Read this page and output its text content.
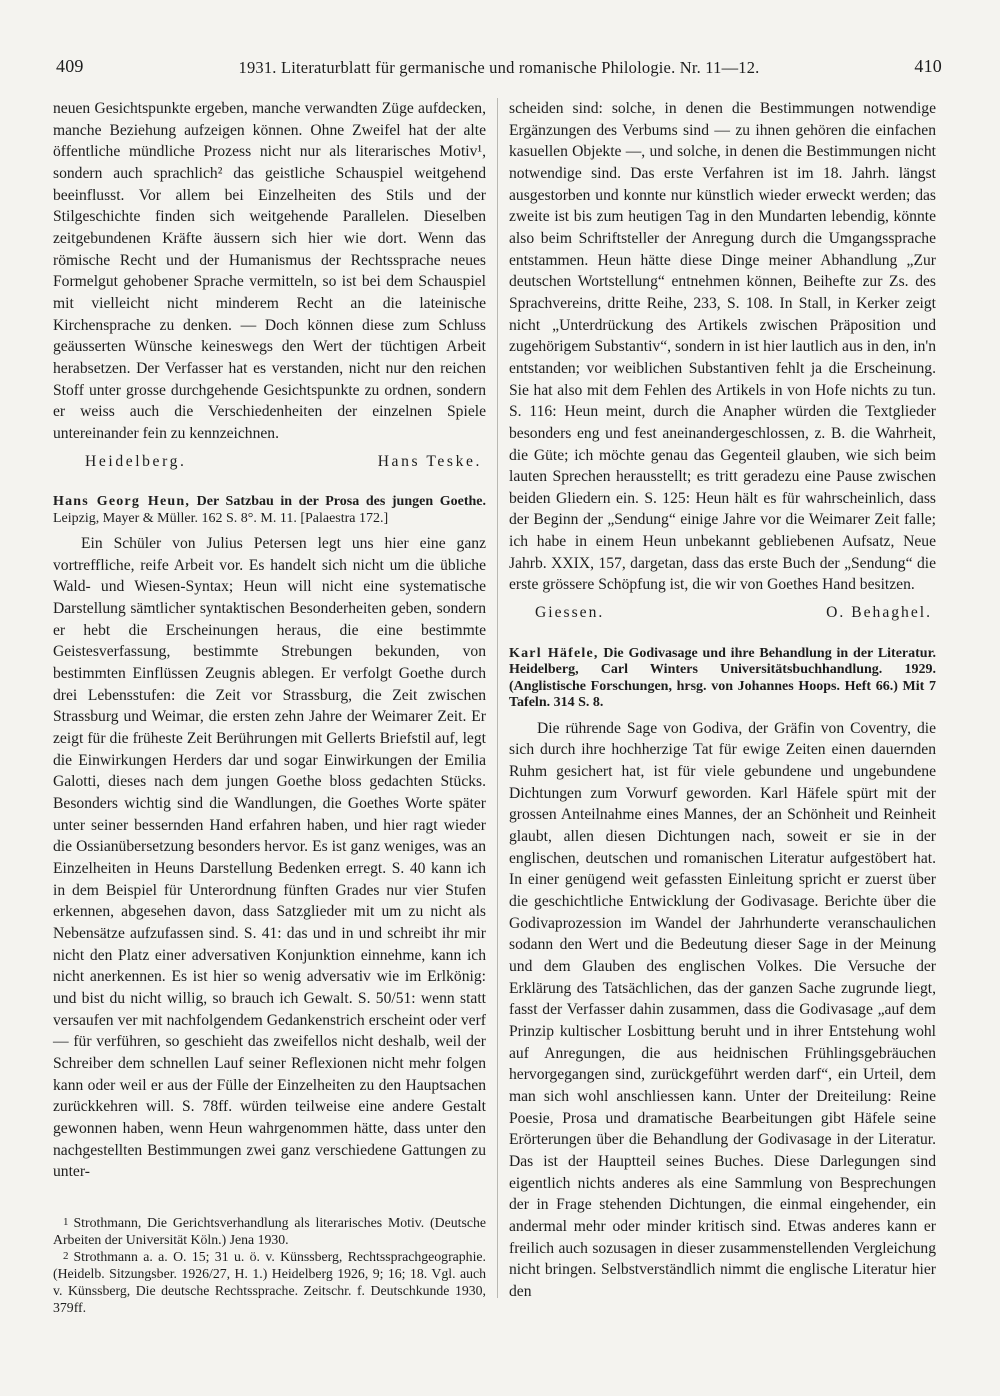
409	1931. Literaturblatt für germanische und romanische Philologie. Nr. 11—12.	410

neuen Gesichtspunkte ergeben, manche verwandten Züge aufdecken, manche Beziehung aufzeigen können. Ohne Zweifel hat der alte öffentliche mündliche Prozess nicht nur als literarisches Motiv¹, sondern auch sprachlich² das geistliche Schauspiel weitgehend beeinflusst. Vor allem bei Einzelheiten des Stils und der Stilgeschichte finden sich weitgehende Parallelen. Dieselben zeitgebundenen Kräfte äussern sich hier wie dort. Wenn das römische Recht und der Humanismus der Rechtssprache neues Formelgut gehobener Sprache vermitteln, so ist bei dem Schauspiel mit vielleicht nicht minderem Recht an die lateinische Kirchensprache zu denken. — Doch können diese zum Schluss geäusserten Wünsche keineswegs den Wert der tüchtigen Arbeit herabsetzen. Der Verfasser hat es verstanden, nicht nur den reichen Stoff unter grosse durchgehende Gesichtspunkte zu ordnen, sondern er weiss auch die Verschiedenheiten der einzelnen Spiele untereinander fein zu kennzeichnen.

Heidelberg.	Hans Teske.
Hans Georg Heun, Der Satzbau in der Prosa des jungen Goethe. Leipzig, Mayer & Müller. 162 S. 8°. M. 11. [Palaestra 172.]

Ein Schüler von Julius Petersen legt uns hier eine ganz vortreffliche, reife Arbeit vor. Es handelt sich nicht um die übliche Wald- und Wiesen-Syntax; Heun will nicht eine systematische Darstellung sämtlicher syntaktischen Besonderheiten geben, sondern er hebt die Erscheinungen heraus, die eine bestimmte Geistesverfassung, bestimmte Strebungen bekunden, von bestimmten Einflüssen Zeugnis ablegen. Er verfolgt Goethe durch drei Lebensstufen: die Zeit vor Strassburg, die Zeit zwischen Strassburg und Weimar, die ersten zehn Jahre der Weimarer Zeit. Er zeigt für die früheste Zeit Berührungen mit Gellerts Briefstil auf, legt die Einwirkungen Herders dar und sogar Einwirkungen der Emilia Galotti, dieses nach dem jungen Goethe bloss gedachten Stücks. Besonders wichtig sind die Wandlungen, die Goethes Worte später unter seiner bessernden Hand erfahren haben, und hier ragt wieder die Ossianübersetzung besonders hervor. Es ist ganz weniges, was an Einzelheiten in Heuns Darstellung Bedenken erregt. S. 40 kann ich in dem Beispiel für Unterordnung fünften Grades nur vier Stufen erkennen, abgesehen davon, dass Satzglieder mit um zu nicht als Nebensätze aufzufassen sind. S. 41: das und in und schreibt ihr mir nicht den Platz einer adversativen Konjunktion einnehme, kann ich nicht anerkennen. Es ist hier so wenig adversativ wie im Erlkönig: und bist du nicht willig, so brauch ich Gewalt. S. 50/51: wenn statt versaufen ver mit nachfolgendem Gedankenstrich erscheint oder verf— für verführen, so geschieht das zweifellos nicht deshalb, weil der Schreiber dem schnellen Lauf seiner Reflexionen nicht mehr folgen kann oder weil er aus der Fülle der Einzelheiten zu den Hauptsachen zurückkehren will. S. 78ff. würden teilweise eine andere Gestalt gewonnen haben, wenn Heun wahrgenommen hätte, dass unter den nachgestellten Bestimmungen zwei ganz verschiedene Gattungen zu unter-

1 Strothmann, Die Gerichtsverhandlung als literarisches Motiv. (Deutsche Arbeiten der Universität Köln.) Jena 1930.

2 Strothmann a. a. O. 15; 31 u. ö. v. Künssberg, Rechtssprachgeographie. (Heidelb. Sitzungsber. 1926/27, H. 1.) Heidelberg 1926, 9; 16; 18. Vgl. auch v. Künssberg, Die deutsche Rechtssprache. Zeitschr. f. Deutschkunde 1930, 379ff.

scheiden sind: solche, in denen die Bestimmungen notwendige Ergänzungen des Verbums sind — zu ihnen gehören die einfachen kasuellen Objekte —, und solche, in denen die Bestimmungen nicht notwendige sind. Das erste Verfahren ist im 18. Jahrh. längst ausgestorben und konnte nur künstlich wieder erweckt werden; das zweite ist bis zum heutigen Tag in den Mundarten lebendig, könnte also beim Schriftsteller der Anregung durch die Umgangssprache entstammen. Heun hätte diese Dinge meiner Abhandlung „Zur deutschen Wortstellung“ entnehmen können, Beihefte zur Zs. des Sprachvereins, dritte Reihe, 233, S. 108. In Stall, in Kerker zeigt nicht „Unterdrückung des Artikels zwischen Präposition und zugehörigem Substantiv“, sondern in ist hier lautlich aus in den, in'n entstanden; vor weiblichen Substantiven fehlt ja die Erscheinung. Sie hat also mit dem Fehlen des Artikels in von Hofe nichts zu tun. S. 116: Heun meint, durch die Anapher würden die Textglieder besonders eng und fest aneinandergeschlossen, z. B. die Wahrheit, die Güte; ich möchte genau das Gegenteil glauben, wie sich beim lauten Sprechen herausstellt; es tritt geradezu eine Pause zwischen beiden Gliedern ein. S. 125: Heun hält es für wahrscheinlich, dass der Beginn der „Sendung“ einige Jahre vor die Weimarer Zeit falle; ich habe in einem Heun unbekannt gebliebenen Aufsatz, Neue Jahrb. XXIX, 157, dargetan, dass das erste Buch der „Sendung“ die erste grössere Schöpfung ist, die wir von Goethes Hand besitzen.

Giessen.	O. Behaghel.
Karl Häfele, Die Godivasage und ihre Behandlung in der Literatur. Heidelberg, Carl Winters Universitätsbuchhandlung. 1929. (Anglistische Forschungen, hrsg. von Johannes Hoops. Heft 66.) Mit 7 Tafeln. 314 S. 8.

Die rührende Sage von Godiva, der Gräfin von Coventry, die sich durch ihre hochherzige Tat für ewige Zeiten einen dauernden Ruhm gesichert hat, ist für viele gebundene und ungebundene Dichtungen zum Vorwurf geworden. Karl Häfele spürt mit der grossen Anteilnahme eines Mannes, der an Schönheit und Reinheit glaubt, allen diesen Dichtungen nach, soweit er sie in der englischen, deutschen und romanischen Literatur aufgestöbert hat. In einer genügend weit gefassten Einleitung spricht er zuerst über die geschichtliche Entwicklung der Godivasage. Berichte über die Godivaprozession im Wandel der Jahrhunderte veranschaulichen sodann den Wert und die Bedeutung dieser Sage in der Meinung und dem Glauben des englischen Volkes. Die Versuche der Erklärung des Tatsächlichen, das der ganzen Sache zugrunde liegt, fasst der Verfasser dahin zusammen, dass die Godivasage „auf dem Prinzip kultischer Losbittung beruht und in ihrer Entstehung wohl auf Anregungen, die aus heidnischen Frühlingsgebräuchen hervorgegangen sind, zurückgeführt werden darf“, ein Urteil, dem man sich wohl anschliessen kann. Unter der Dreiteilung: Reine Poesie, Prosa und dramatische Bearbeitungen gibt Häfele seine Erörterungen über die Behandlung der Godivasage in der Literatur. Das ist der Hauptteil seines Buches. Diese Darlegungen sind eigentlich nichts anderes als eine Sammlung von Besprechungen der in Frage stehenden Dichtungen, die einmal eingehender, ein andermal mehr oder minder kritisch sind. Etwas anderes kann er freilich auch sozusagen in dieser zusammenstellenden Vergleichung nicht bringen. Selbstverständlich nimmt die englische Literatur hier den
